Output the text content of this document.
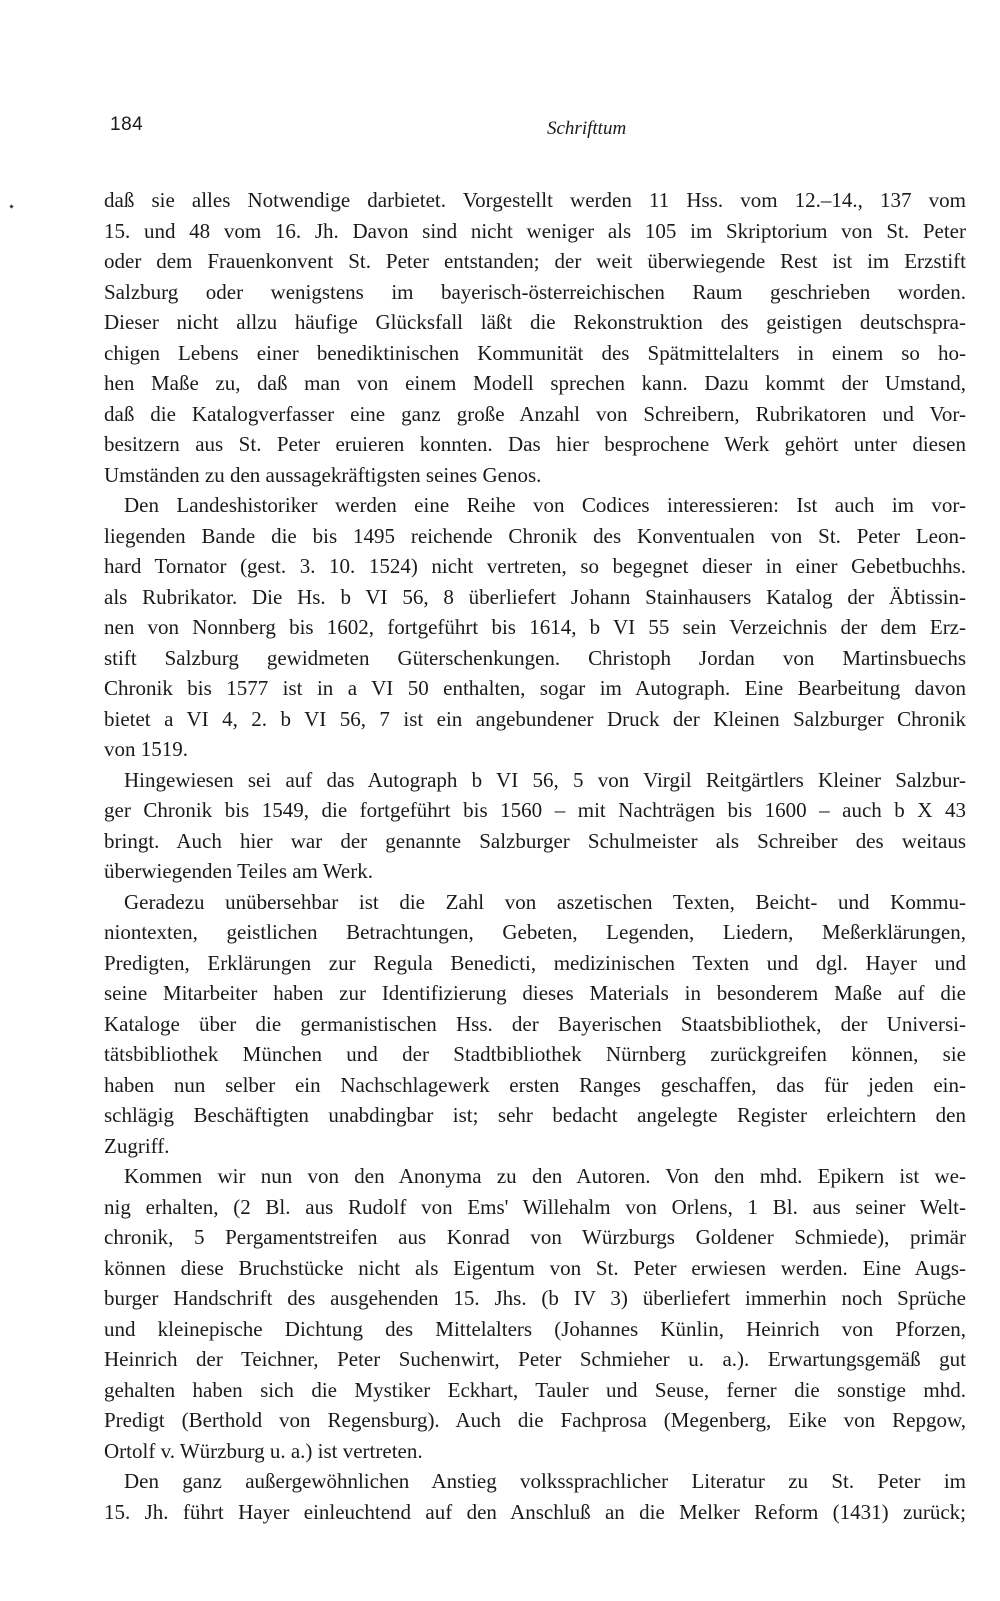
184	Schrifttum
daß sie alles Notwendige darbietet. Vorgestellt werden 11 Hss. vom 12.–14., 137 vom
15. und 48 vom 16. Jh. Davon sind nicht weniger als 105 im Skriptorium von St. Peter
oder dem Frauenkonvent St. Peter entstanden; der weit überwiegende Rest ist im Erzstift
Salzburg oder wenigstens im bayerisch-österreichischen Raum geschrieben worden.
Dieser nicht allzu häufige Glücksfall läßt die Rekonstruktion des geistigen deutschspra-
chigen Lebens einer benediktinischen Kommunität des Spätmittelalters in einem so ho-
hen Maße zu, daß man von einem Modell sprechen kann. Dazu kommt der Umstand,
daß die Katalogverfasser eine ganz große Anzahl von Schreibern, Rubrikatoren und Vor-
besitzern aus St. Peter eruieren konnten. Das hier besprochene Werk gehört unter diesen
Umständen zu den aussagekräftigsten seines Genos.
Den Landeshistoriker werden eine Reihe von Codices interessieren: Ist auch im vor-
liegenden Bande die bis 1495 reichende Chronik des Konventualen von St. Peter Leon-
hard Tornator (gest. 3. 10. 1524) nicht vertreten, so begegnet dieser in einer Gebetbuchhs.
als Rubrikator. Die Hs. b VI 56, 8 überliefert Johann Stainhausers Katalog der Äbtissin-
nen von Nonnberg bis 1602, fortgeführt bis 1614, b VI 55 sein Verzeichnis der dem Erz-
stift Salzburg gewidmeten Güterschenkungen. Christoph Jordan von Martinsbuechs
Chronik bis 1577 ist in a VI 50 enthalten, sogar im Autograph. Eine Bearbeitung davon
bietet a VI 4, 2. b VI 56, 7 ist ein angebundener Druck der Kleinen Salzburger Chronik
von 1519.
Hingewiesen sei auf das Autograph b VI 56, 5 von Virgil Reitgärtlers Kleiner Salzbur-
ger Chronik bis 1549, die fortgeführt bis 1560 – mit Nachträgen bis 1600 – auch b X 43
bringt. Auch hier war der genannte Salzburger Schulmeister als Schreiber des weitaus
überwiegenden Teiles am Werk.
Geradezu unübersehbar ist die Zahl von aszetischen Texten, Beicht- und Kommu-
niontexten, geistlichen Betrachtungen, Gebeten, Legenden, Liedern, Meßerklärungen,
Predigten, Erklärungen zur Regula Benedicti, medizinischen Texten und dgl. Hayer und
seine Mitarbeiter haben zur Identifizierung dieses Materials in besonderem Maße auf die
Kataloge über die germanistischen Hss. der Bayerischen Staatsbibliothek, der Universi-
tätsbibliothek München und der Stadtbibliothek Nürnberg zurückgreifen können, sie
haben nun selber ein Nachschlagewerk ersten Ranges geschaffen, das für jeden ein-
schlägig Beschäftigten unabdingbar ist; sehr bedacht angelegte Register erleichtern den
Zugriff.
Kommen wir nun von den Anonyma zu den Autoren. Von den mhd. Epikern ist we-
nig erhalten, (2 Bl. aus Rudolf von Ems' Willehalm von Orlens, 1 Bl. aus seiner Welt-
chronik, 5 Pergamentstreifen aus Konrad von Würzburgs Goldener Schmiede), primär
können diese Bruchstücke nicht als Eigentum von St. Peter erwiesen werden. Eine Augs-
burger Handschrift des ausgehenden 15. Jhs. (b IV 3) überliefert immerhin noch Sprüche
und kleinepische Dichtung des Mittelalters (Johannes Künlin, Heinrich von Pforzen,
Heinrich der Teichner, Peter Suchenwirt, Peter Schmieher u. a.). Erwartungsgemäß gut
gehalten haben sich die Mystiker Eckhart, Tauler und Seuse, ferner die sonstige mhd.
Predigt (Berthold von Regensburg). Auch die Fachprosa (Megenberg, Eike von Repgow,
Ortolf v. Würzburg u. a.) ist vertreten.
Den ganz außergewöhnlichen Anstieg volkssprachlicher Literatur zu St. Peter im
15. Jh. führt Hayer einleuchtend auf den Anschluß an die Melker Reform (1431) zurück;
